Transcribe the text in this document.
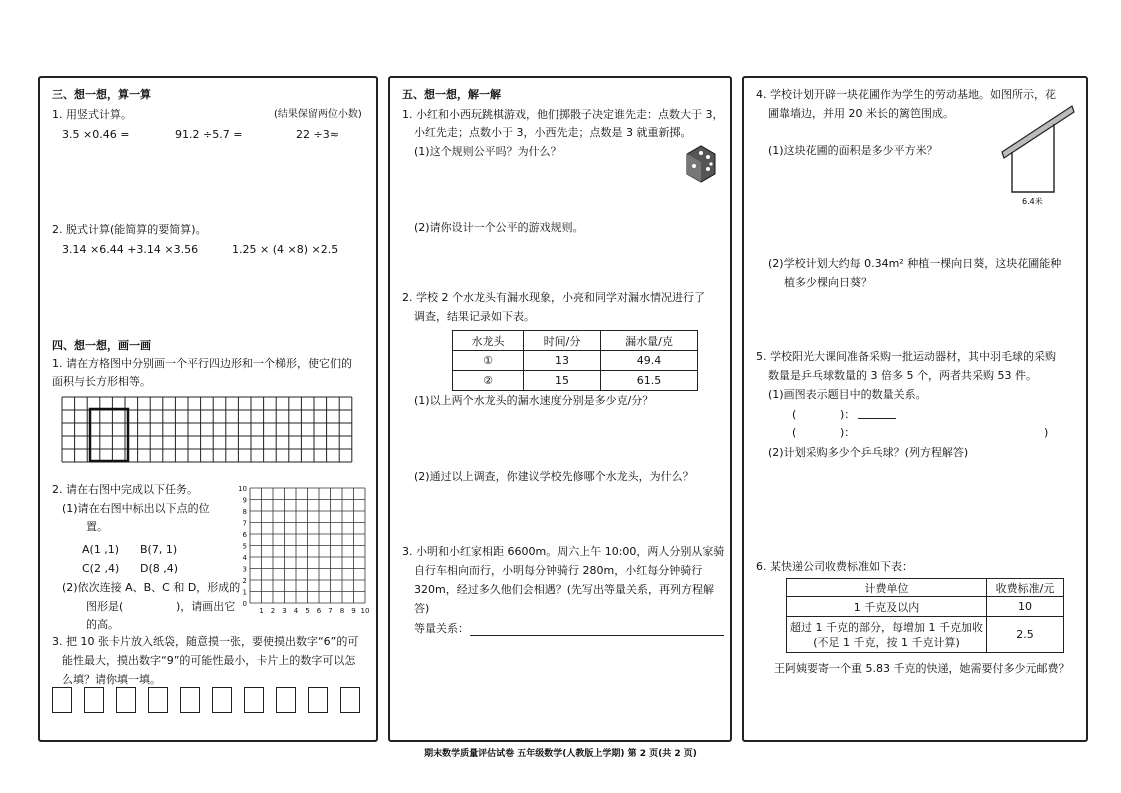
三、想一想，算一算
1. 用竖式计算。	(结果保留两位小数)
3.5 ×0.46 =	91.2 ÷5.7 =	22 ÷3≈
2. 脱式计算(能简算的要简算)。
3.14 ×6.44 +3.14 ×3.56	1.25 × (4 ×8) ×2.5
四、想一想，画一画
1. 请在方格图中分别画一个平行四边形和一个梯形，使它们的
面积与长方形相等。
2. 请在右图中完成以下任务。
(1)请在右图中标出以下点的位
置。
A(1 ,1) B(7, 1)
C(2 ,4) D(8 ,4)
(2)依次连接 A、B、C 和 D，形成的
图形是(	)，请画出它
的高。
10
9
8
7
6
5
4
3
2
1
0
1 2 3 4 5 6 7 8 9 10
3. 把 10 张卡片放入纸袋，随意摸一张，要使摸出数字“6”的可
能性最大，摸出数字“9”的可能性最小，卡片上的数字可以怎
么填？请你填一填。
五、想一想，解一解
1. 小红和小西玩跳棋游戏，他们掷骰子决定谁先走：点数大于 3，
小红先走；点数小于 3，小西先走；点数是 3 就重新掷。
(1)这个规则公平吗？为什么？
(2)请你设计一个公平的游戏规则。
2. 学校 2 个水龙头有漏水现象，小亮和同学对漏水情况进行了
调查，结果记录如下表。
水龙头	时间/分	漏水量/克
①	13	49.4
②	15	61.5
(1)以上两个水龙头的漏水速度分别是多少克/分？
(2)通过以上调查，你建议学校先修哪个水龙头，为什么？
3. 小明和小红家相距 6600m。周六上午 10:00，两人分别从家骑
自行车相向而行，小明每分钟骑行 280m，小红每分钟骑行
320m，经过多久他们会相遇？(先写出等量关系，再列方程解
答)
等量关系：
4. 学校计划开辟一块花圃作为学生的劳动基地。如图所示，花
圃靠墙边，并用 20 米长的篱笆围成。
(1)这块花圃的面积是多少平方米？
6.4米
(2)学校计划大约每 0.34m² 种植一棵向日葵，这块花圃能种
植多少棵向日葵？
5. 学校阳光大课间准备采购一批运动器材，其中羽毛球的采购
数量是乒乓球数量的 3 倍多 5 个，两者共采购 53 件。
(1)画图表示题目中的数量关系。
(	)：
(	)：	)
(2)计划采购多少个乒乓球？(列方程解答)
6. 某快递公司收费标准如下表：
计费单位	收费标准/元
1 千克及以内	10

超过 1 千克的部分，每增加 1 千克加收
(不足 1 千克，按 1 千克计算)	2.5
王阿姨要寄一个重 5.83 千克的快递，她需要付多少元邮费？
期末数学质量评估试卷 五年级数学(人教版上学期) 第 2 页(共 2 页)
